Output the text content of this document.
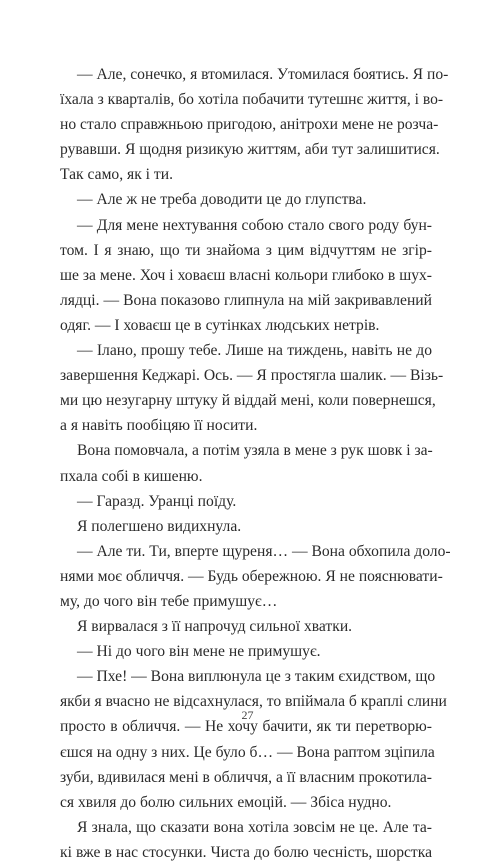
— Але, сонечко, я втомилася. Утомилася боятись. Я по-
їхала з кварталів, бо хотіла побачити тутешнє життя, і во-
но стало справжньою пригодою, анітрохи мене не розча-
рувавши. Я щодня ризикую життям, аби тут залишитися.
Так само, як і ти.
— Але ж не треба доводити це до глупства.
— Для мене нехтування собою стало свого роду бун-
том. І я знаю, що ти знайома з цим відчуттям не згір-
ше за мене. Хоч і ховаєш власні кольори глибоко в шух-
лядці. — Вона показово глипнула на мій закривавлений
одяг. — І ховаєш це в сутінках людських нетрів.
— Ілано, прошу тебе. Лише на тиждень, навіть не до
завершення Кеджарі. Ось. — Я простягла шалик. — Візь-
ми цю незугарну штуку й віддай мені, коли повернешся,
а я навіть пообіцяю її носити.
Вона помовчала, а потім узяла в мене з рук шовк і за-
пхала собі в кишеню.
— Гаразд. Уранці поїду.
Я полегшено видихнула.
— Але ти. Ти, вперте щуреня… — Вона обхопила доло-
нями моє обличчя. — Будь обережною. Я не пояснювати-
му, до чого він тебе примушує…
Я вирвалася з її напрочуд сильної хватки.
— Ні до чого він мене не примушує.
— Пхе! — Вона виплюнула це з таким єхидством, що
якби я вчасно не відсахнулася, то впіймала б краплі слини
просто в обличчя. — Не хочу бачити, як ти перетворю-
єшся на одну з них. Це було б… — Вона раптом зціпила
зуби, вдивилася мені в обличчя, а її власним прокотила-
ся хвиля до болю сильних емоцій. — Збіса нудно.
Я знала, що сказати вона хотіла зовсім не це. Але та-
кі вже в нас стосунки. Чиста до болю чесність, шорстка
27
